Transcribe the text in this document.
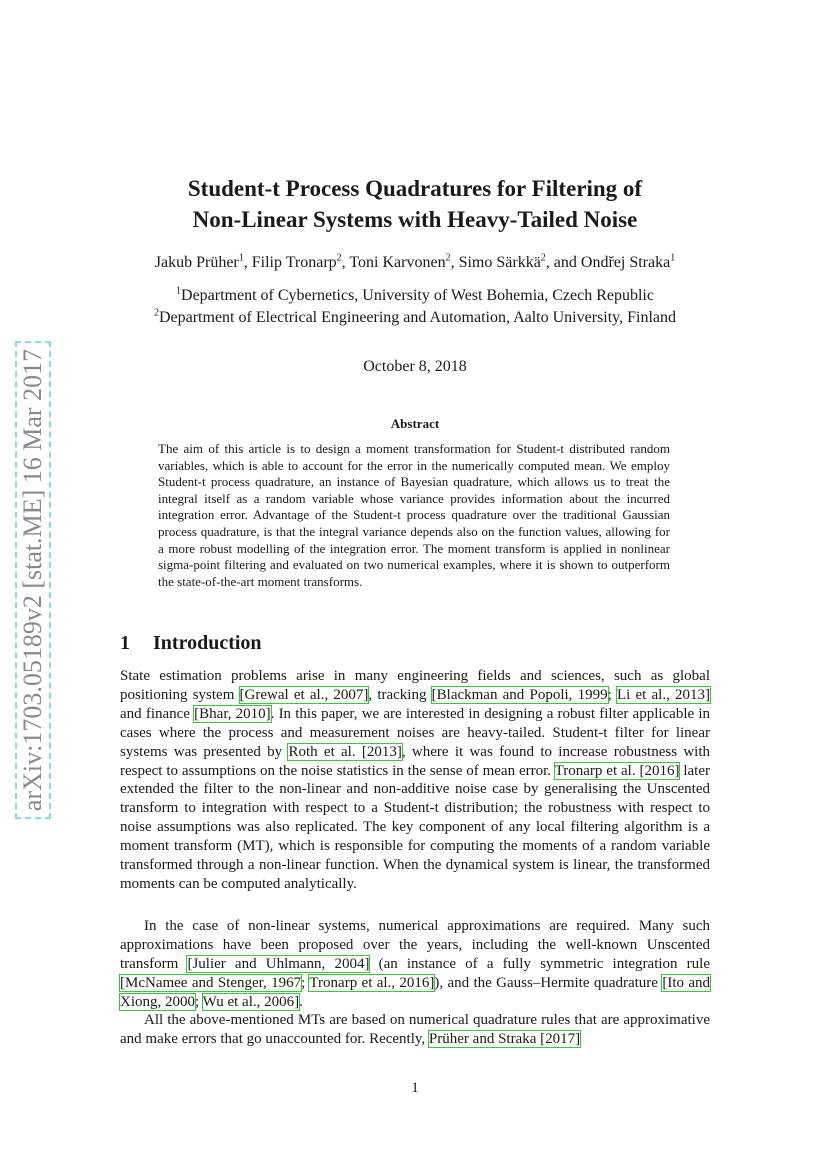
arXiv:1703.05189v2 [stat.ME] 16 Mar 2017
Student-t Process Quadratures for Filtering of
Non-Linear Systems with Heavy-Tailed Noise
Jakub Prüher$^1$, Filip Tronarp$^2$, Toni Karvonen$^2$, Simo Särkkä$^2$, and Ondřej Straka$^1$
$^1$Department of Cybernetics, University of West Bohemia, Czech Republic
$^2$Department of Electrical Engineering and Automation, Aalto University, Finland
October 8, 2018
Abstract
The aim of this article is to design a moment transformation for Student-t distributed random variables, which is able to account for the error in the numerically computed mean. We employ Student-t process quadrature, an instance of Bayesian quadrature, which allows us to treat the integral itself as a random variable whose variance provides information about the incurred integration error. Advantage of the Student-t process quadrature over the traditional Gaussian process quadrature, is that the integral variance depends also on the function values, allowing for a more robust modelling of the integration error. The moment transform is applied in nonlinear sigma-point filtering and evaluated on two numerical examples, where it is shown to outperform the state-of-the-art moment transforms.
1 Introduction
State estimation problems arise in many engineering fields and sciences, such as global positioning system [Grewal et al., 2007], tracking [Blackman and Popoli, 1999; Li et al., 2013] and finance [Bhar, 2010]. In this paper, we are interested in designing a robust filter applicable in cases where the process and measurement noises are heavy-tailed. Student-t filter for linear systems was presented by Roth et al. [2013], where it was found to increase robustness with respect to assumptions on the noise statistics in the sense of mean error. Tronarp et al. [2016] later extended the filter to the non-linear and non-additive noise case by generalising the Unscented transform to integration with respect to a Student-t distribution; the robustness with respect to noise assumptions was also replicated. The key component of any local filtering algorithm is a moment transform (MT), which is responsible for computing the moments of a random variable transformed through a non-linear function. When the dynamical system is linear, the transformed moments can be computed analytically.
In the case of non-linear systems, numerical approximations are required. Many such approximations have been proposed over the years, including the well-known Unscented transform [Julier and Uhlmann, 2004] (an instance of a fully symmetric integration rule [McNamee and Stenger, 1967; Tronarp et al., 2016]), and the Gauss–Hermite quadrature [Ito and Xiong, 2000; Wu et al., 2006].
All the above-mentioned MTs are based on numerical quadrature rules that are approximative and make errors that go unaccounted for. Recently, Prüher and Straka [2017]
1
